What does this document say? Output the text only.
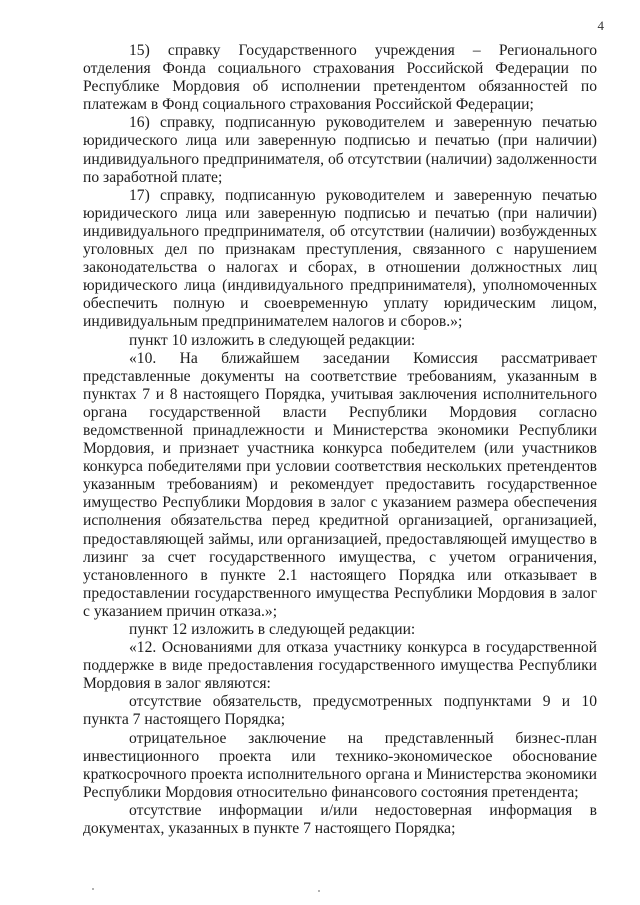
4

15) справку Государственного учреждения – Регионального отделения Фонда социального страхования Российской Федерации по Республике Мордовия об исполнении претендентом обязанностей по платежам в Фонд социального страхования Российской Федерации;

16) справку, подписанную руководителем и заверенную печатью юридического лица или заверенную подписью и печатью (при наличии) индивидуального предпринимателя, об отсутствии (наличии) задолженности по заработной плате;

17) справку, подписанную руководителем и заверенную печатью юридического лица или заверенную подписью и печатью (при наличии) индивидуального предпринимателя, об отсутствии (наличии) возбужденных уголовных дел по признакам преступления, связанного с нарушением законодательства о налогах и сборах, в отношении должностных лиц юридического лица (индивидуального предпринимателя), уполномоченных обеспечить полную и своевременную уплату юридическим лицом, индивидуальным предпринимателем налогов и сборов.»;

пункт 10 изложить в следующей редакции:

«10. На ближайшем заседании Комиссия рассматривает представленные документы на соответствие требованиям, указанным в пунктах 7 и 8 настоящего Порядка, учитывая заключения исполнительного органа государственной власти Республики Мордовия согласно ведомственной принадлежности и Министерства экономики Республики Мордовия, и признает участника конкурса победителем (или участников конкурса победителями при условии соответствия нескольких претендентов указанным требованиям) и рекомендует предоставить государственное имущество Республики Мордовия в залог с указанием размера обеспечения исполнения обязательства перед кредитной организацией, организацией, предоставляющей займы, или организацией, предоставляющей имущество в лизинг за счет государственного имущества, с учетом ограничения, установленного в пункте 2.1 настоящего Порядка или отказывает в предоставлении государственного имущества Республики Мордовия в залог с указанием причин отказа.»;

пункт 12 изложить в следующей редакции:

«12. Основаниями для отказа участнику конкурса в государственной поддержке в виде предоставления государственного имущества Республики Мордовия в залог являются:

отсутствие обязательств, предусмотренных подпунктами 9 и 10 пункта 7 настоящего Порядка;

отрицательное заключение на представленный бизнес-план инвестиционного проекта или технико-экономическое обоснование краткосрочного проекта исполнительного органа и Министерства экономики Республики Мордовия относительно финансового состояния претендента;

отсутствие информации и/или недостоверная информация в документах, указанных в пункте 7 настоящего Порядка;
